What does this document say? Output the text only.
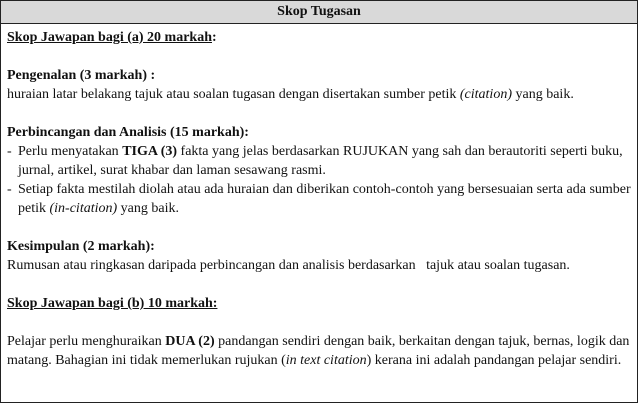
Skop Tugasan

Skop Jawapan bagi (a) 20 markah:

Pengenalan (3 markah) :

huraian latar belakang tajuk atau soalan tugasan dengan disertakan sumber petik (citation) yang baik.

Perbincangan dan Analisis (15 markah):

- Perlu menyatakan TIGA (3) fakta yang jelas berdasarkan RUJUKAN yang sah dan berautoriti seperti buku, jurnal, artikel, surat khabar dan laman sesawang rasmi.
- Setiap fakta mestilah diolah atau ada huraian dan diberikan contoh-contoh yang bersesuaian serta ada sumber petik (in-citation) yang baik.

Kesimpulan (2 markah):

Rumusan atau ringkasan daripada perbincangan dan analisis berdasarkan   tajuk atau soalan tugasan.

Skop Jawapan bagi (b) 10 markah:

Pelajar perlu menghuraikan DUA (2) pandangan sendiri dengan baik, berkaitan dengan tajuk, bernas, logik dan matang. Bahagian ini tidak memerlukan rujukan (in text citation) kerana ini adalah pandangan pelajar sendiri.
